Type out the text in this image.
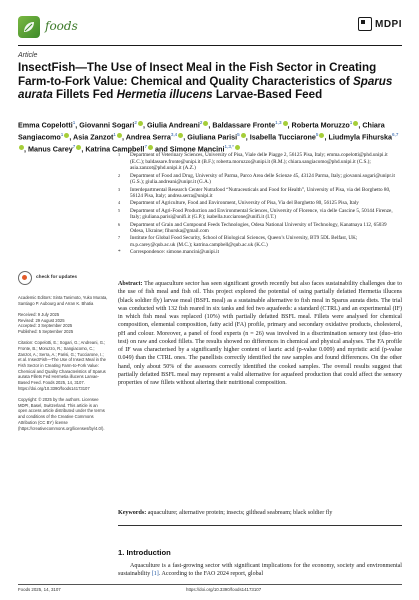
foods	MDPI
Article
InsectFish—The Use of Insect Meal in the Fish Sector in Creating Farm-to-Fork Value: Chemical and Quality Characteristics of Sparus aurata Fillets Fed Hermetia illucens Larvae-Based Feed
Emma Copelotti$^1$, Giovanni Sogari$^2$ , Giulia Andreani$^2$ , Baldassare Fronte$^{1,3}$ , Roberta Moruzzo$^1$ , Chiara Sangiacomo$^1$ , Asia Zanzot$^1$ , Andrea Serra$^{3,4}$ , Giuliana Parisi$^5$ , Isabella Tucciarone$^5$ , Liudmyla Fihurska$^{6,7}$, Manus Carey$^7$ , Katrina Campbell$^7$ and Simone Mancini$^{1,3,*}$
1 Department of Veterinary Sciences, University of Pisa, Viale delle Piagge 2, 56125 Pisa, Italy; emma.copelotti@phd.unipi.it (E.C.); baldassare.fronte@unipi.it (B.F.); roberta.moruzzo@unipi.it (R.M.); chiara.sangiacomo@phd.unipi.it (C.S.); asia.zanzot@phd.unipi.it (A.Z.)
2 Department of Food and Drug, University of Parma, Parco Area delle Scienze 45, 43124 Parma, Italy; giovanni.sogari@unipr.it (G.S.); giulia.andreani@unipr.it (G.A.)
3 Interdepartmental Research Center Nutrafood “Nutraceuticals and Food for Health”, University of Pisa, via del Borghetto 80, 56124 Pisa, Italy; andrea.serra@unipi.it
4 Department of Agriculture, Food and Environment, University of Pisa, Via del Borghetto 80, 56125 Pisa, Italy
5 Department of Agri-Food Production and Environmental Sciences, University of Florence, via delle Cascine 5, 50144 Firenze, Italy; giuliana.parisi@unifi.it (G.P.); isabella.tucciarone@unifi.it (I.T.)
6 Department of Grain and Compound Feeds Technologies, Odesa National University of Technology, Kanatnaya 112, 65039 Odesa, Ukraine; fihurska@gmail.com
7 Institute for Global Food Security, School of Biological Sciences, Queen’s University, BT9 5DL Belfast, UK; m.p.carey@qub.ac.uk (M.C.); katrina.campbell@qub.ac.uk (K.C.)
* Correspondence: simone.mancini@unipi.it
check for updates
Academic Editors: Sinta Tanimoto, Yuko Murata, Santiago P. Aubourg and Arran K. Bhatia
Received: 9 July 2025
Revised: 29 August 2025
Accepted: 3 September 2025
Published: 5 September 2025
Citation: Copelotti, E.; Sogari, G.; Andreani, G.; Fronte, B.; Moruzzo, R.; Sangiacomo, C.; Zanzot, A.; Serra, A.; Parisi, G.; Tucciarone, I.; et al. InsectFish—The Use of Insect Meal in the Fish Sector in Creating Farm-to-Fork Value: Chemical and Quality Characteristics of Sparus aurata Fillets Fed Hermetia illucens Larvae-Based Feed. Foods 2025, 14, 3107. https://doi.org/10.3390/foods14173107
Copyright: © 2025 by the authors. Licensee MDPI, Basel, Switzerland. This article is an open access article distributed under the terms and conditions of the Creative Commons Attribution (CC BY) license (https://creativecommons.org/licenses/by/4.0/).
Abstract: The aquaculture sector has seen significant growth recently but also faces sustainability challenges due to the use of fish meal and fish oil. This project explored the potential of using partially defatted Hermetia illucens (black soldier fly) larvae meal (BSFL meal) as a sustainable alternative to fish meal in Sparus aurata diets. The trial was conducted with 132 fish reared in six tanks and fed two aquafeeds: a standard (CTRL) and an experimental (IF) in which fish meal was replaced (10%) with partially defatted BSFL meal. Fillets were analysed for chemical composition, elemental composition, fatty acid (FA) profile, primary and secondary oxidative products, cholesterol, pH and colour. Moreover, a panel of food experts (n = 26) was involved in a discrimination sensory test (duo–trio test) on raw and cooked fillets. The results showed no differences in chemical and physical analyses. The FA profile of IF was characterised by a significantly higher content of lauric acid (p-value 0.009) and myristic acid (p-value 0.049) than the CTRL ones. The panellists correctly identified the raw samples and found differences. On the other hand, only about 50% of the assessors correctly identified the cooked samples. The overall results suggest that partially defatted BSFL meal may represent a valid alternative for aquafeed production that could affect the sensory properties of raw fillets without altering their nutritional composition.
Keywords: aquaculture; alternative protein; insects; gilthead seabream; black soldier fly
1. Introduction
Aquaculture is a fast-growing sector with significant implications for the economy, society and environmental sustainability [1]. According to the FAO 2024 report, global
Foods 2025, 14, 3107	https://doi.org/10.3390/foods14173107
